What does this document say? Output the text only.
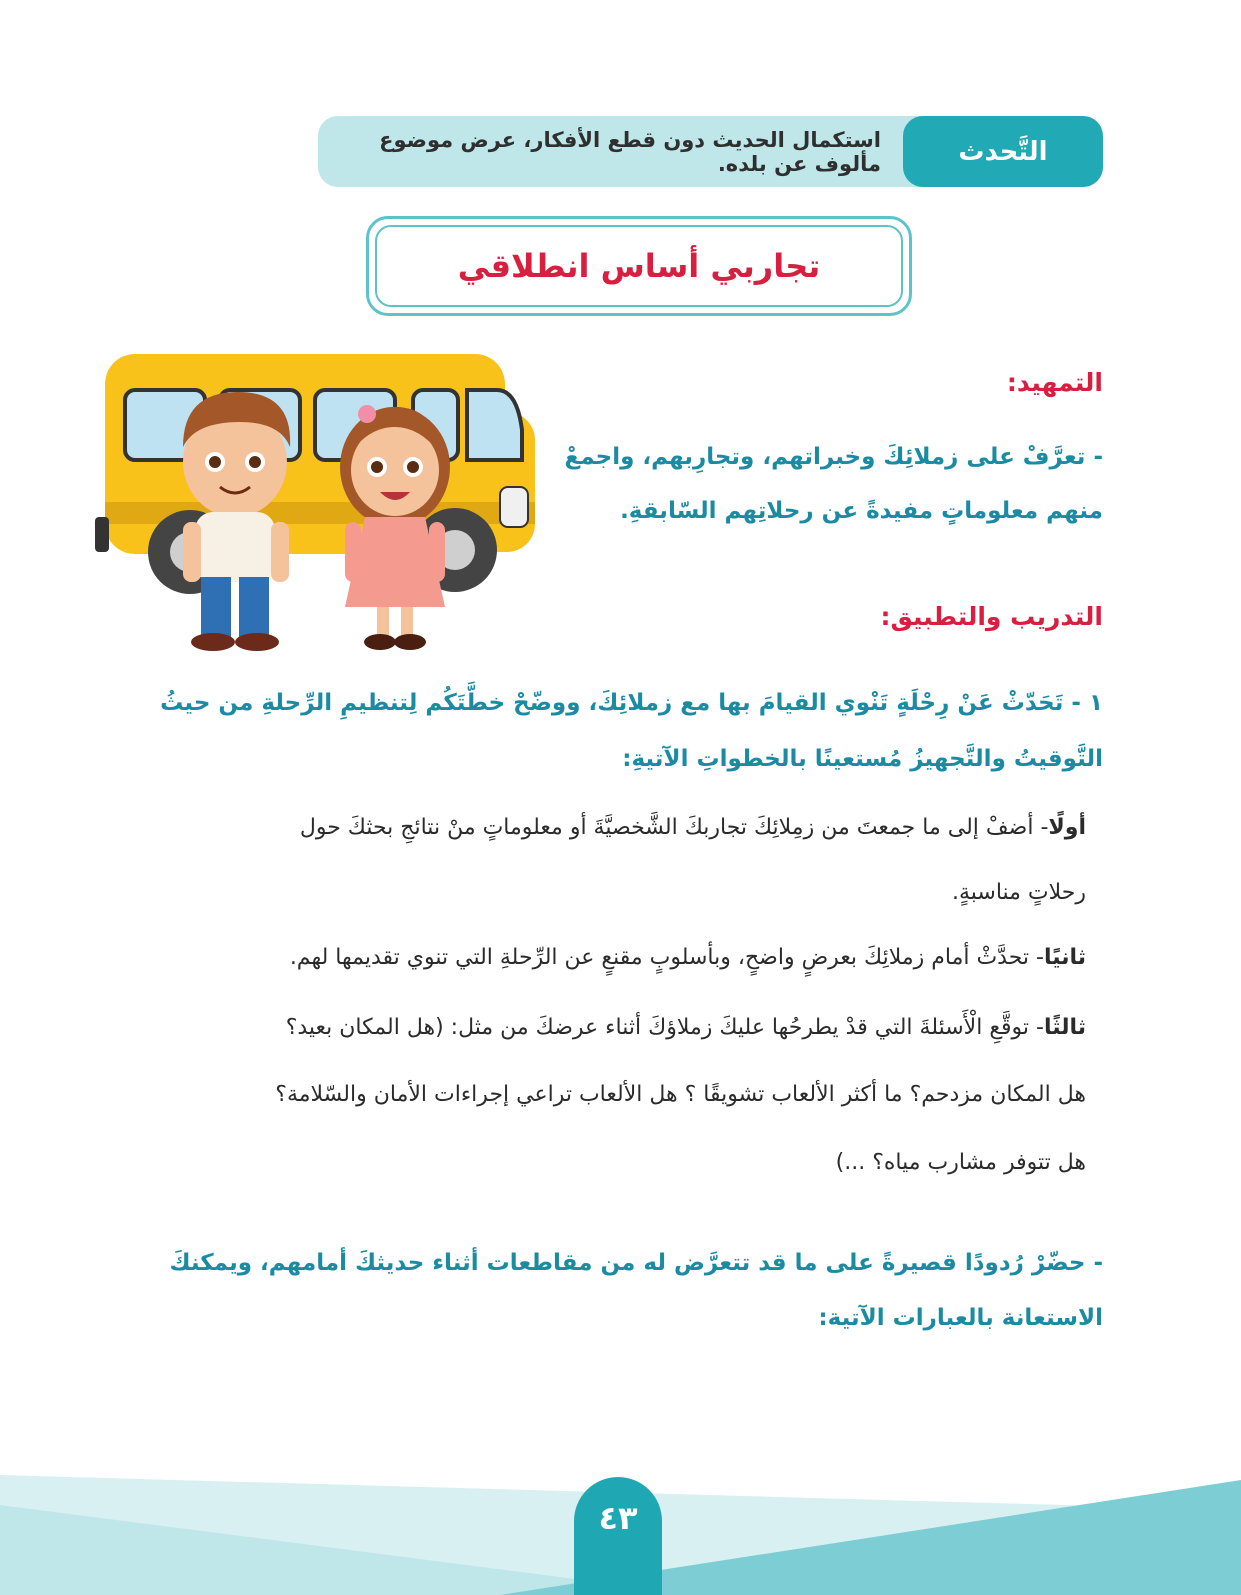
استكمال الحديث دون قطع الأفكار، عرض موضوع مألوف عن بلده.	التَّحدث
تجاربي أساس انطلاقي
التمهيد:
- تعرَّفْ على زملائِكَ وخبراتهم، وتجارِبهم، واجمعْ
منهم معلوماتٍ مفيدةً عن رحلاتِهم السّابقةِ.
التدريب والتطبيق:
١ - تَحَدّثْ عَنْ رِحْلَةٍ تَنْوي القيامَ بها مع زملائِكَ، ووضّحْ خطَّتَكُم لِتنظيمِ الرِّحلةِ من حيثُ
التَّوقيتُ والتَّجهيزُ مُستعينًا بالخطواتِ الآتيةِ:
أولًا- أضفْ إلى ما جمعتَ من زمِلائِكَ تجاربكَ الشَّخصيَّةَ أو معلوماتٍ منْ نتائجِ بحثكَ حول
رحلاتٍ مناسبةٍ.
ثانيًا- تحدَّثْ أمام زملائِكَ بعرضٍ واضحٍ، وبأسلوبٍ مقنعٍ عن الرِّحلةِ التي تنوي تقديمها لهم.
ثالثًا- توقَّعِ الْأَسئلةَ التي قدْ يطرحُها عليكَ زملاؤكَ أثناء عرضكَ من مثل: (هل المكان بعيد؟
هل المكان مزدحم؟ ما أكثر الألعاب تشويقًا ؟ هل الألعاب تراعي إجراءات الأمان والسّلامة؟
هل تتوفر مشارب مياه؟ ...)
- حضّرْ رُدودًا قصيرةً على ما قد تتعرَّض له من مقاطعات أثناء حديثكَ أمامهم، ويمكنكَ
الاستعانة بالعبارات الآتية:
٤٣
